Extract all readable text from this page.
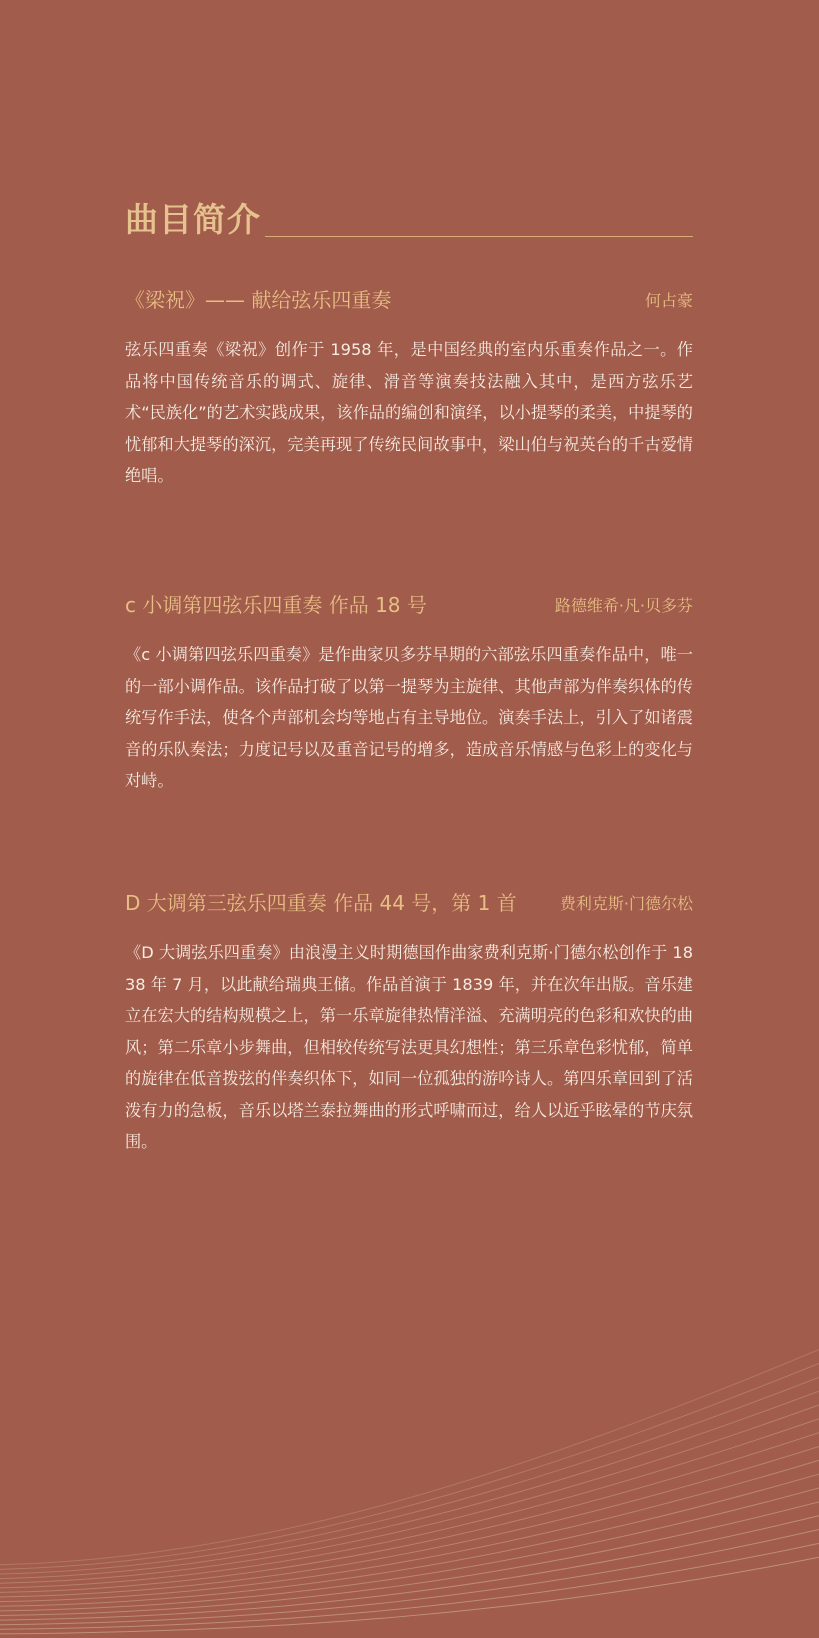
曲目简介
《梁祝》—— 献给弦乐四重奏	何占豪
弦乐四重奏《梁祝》创作于 1958 年，是中国经典的室内乐重奏作品之一。作品将中国传统音乐的调式、旋律、滑音等演奏技法融入其中，是西方弦乐艺术“民族化”的艺术实践成果，该作品的编创和演绎，以小提琴的柔美，中提琴的忧郁和大提琴的深沉，完美再现了传统民间故事中，梁山伯与祝英台的千古爱情绝唱。
c 小调第四弦乐四重奏 作品 18 号	路德维希·凡·贝多芬
《c 小调第四弦乐四重奏》是作曲家贝多芬早期的六部弦乐四重奏作品中，唯一的一部小调作品。该作品打破了以第一提琴为主旋律、其他声部为伴奏织体的传统写作手法，使各个声部机会均等地占有主导地位。演奏手法上，引入了如诸震音的乐队奏法；力度记号以及重音记号的增多，造成音乐情感与色彩上的变化与对峙。
D 大调第三弦乐四重奏 作品 44 号，第 1 首	费利克斯·门德尔松
《D 大调弦乐四重奏》由浪漫主义时期德国作曲家费利克斯·门德尔松创作于 1838 年 7 月，以此献给瑞典王储。作品首演于 1839 年，并在次年出版。音乐建立在宏大的结构规模之上，第一乐章旋律热情洋溢、充满明亮的色彩和欢快的曲风；第二乐章小步舞曲，但相较传统写法更具幻想性；第三乐章色彩忧郁，简单的旋律在低音拨弦的伴奏织体下，如同一位孤独的游吟诗人。第四乐章回到了活泼有力的急板，音乐以塔兰泰拉舞曲的形式呼啸而过，给人以近乎眩晕的节庆氛围。
